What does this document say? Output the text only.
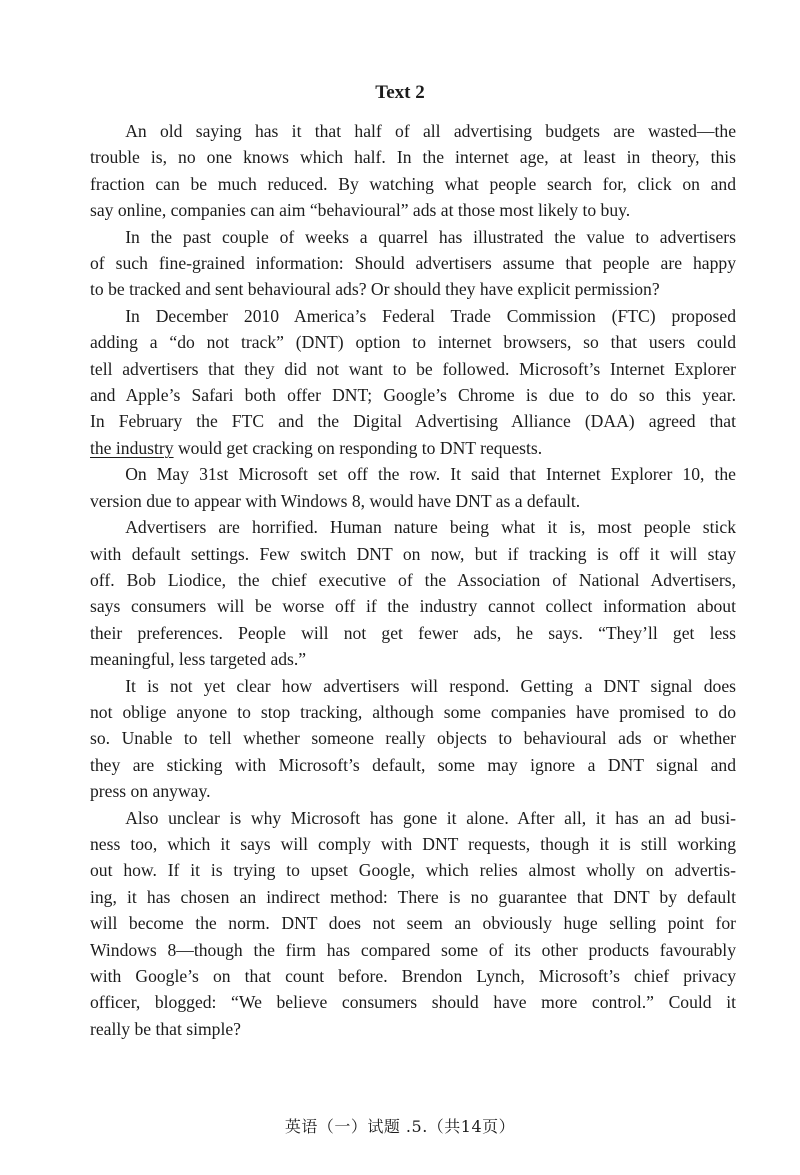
Text 2
An old saying has it that half of all advertising budgets are wasted—the
trouble is, no one knows which half. In the internet age, at least in theory, this
fraction can be much reduced. By watching what people search for, click on and
say online, companies can aim “behavioural” ads at those most likely to buy.
In the past couple of weeks a quarrel has illustrated the value to advertisers
of such fine-grained information: Should advertisers assume that people are happy
to be tracked and sent behavioural ads? Or should they have explicit permission?
In December 2010 America’s Federal Trade Commission (FTC) proposed
adding a “do not track” (DNT) option to internet browsers, so that users could
tell advertisers that they did not want to be followed. Microsoft’s Internet Explorer
and Apple’s Safari both offer DNT; Google’s Chrome is due to do so this year.
In February the FTC and the Digital Advertising Alliance (DAA) agreed that
the industry would get cracking on responding to DNT requests.
On May 31st Microsoft set off the row. It said that Internet Explorer 10, the
version due to appear with Windows 8, would have DNT as a default.
Advertisers are horrified. Human nature being what it is, most people stick
with default settings. Few switch DNT on now, but if tracking is off it will stay
off. Bob Liodice, the chief executive of the Association of National Advertisers,
says consumers will be worse off if the industry cannot collect information about
their preferences. People will not get fewer ads, he says. “They’ll get less
meaningful, less targeted ads.”
It is not yet clear how advertisers will respond. Getting a DNT signal does
not oblige anyone to stop tracking, although some companies have promised to do
so. Unable to tell whether someone really objects to behavioural ads or whether
they are sticking with Microsoft’s default, some may ignore a DNT signal and
press on anyway.
Also unclear is why Microsoft has gone it alone. After all, it has an ad busi-
ness too, which it says will comply with DNT requests, though it is still working
out how. If it is trying to upset Google, which relies almost wholly on advertis-
ing, it has chosen an indirect method: There is no guarantee that DNT by default
will become the norm. DNT does not seem an obviously huge selling point for
Windows 8—though the firm has compared some of its other products favourably
with Google’s on that count before. Brendon Lynch, Microsoft’s chief privacy
officer, blogged: “We believe consumers should have more control.” Could it
really be that simple?
英语（一）试题 .5.（共14页）
